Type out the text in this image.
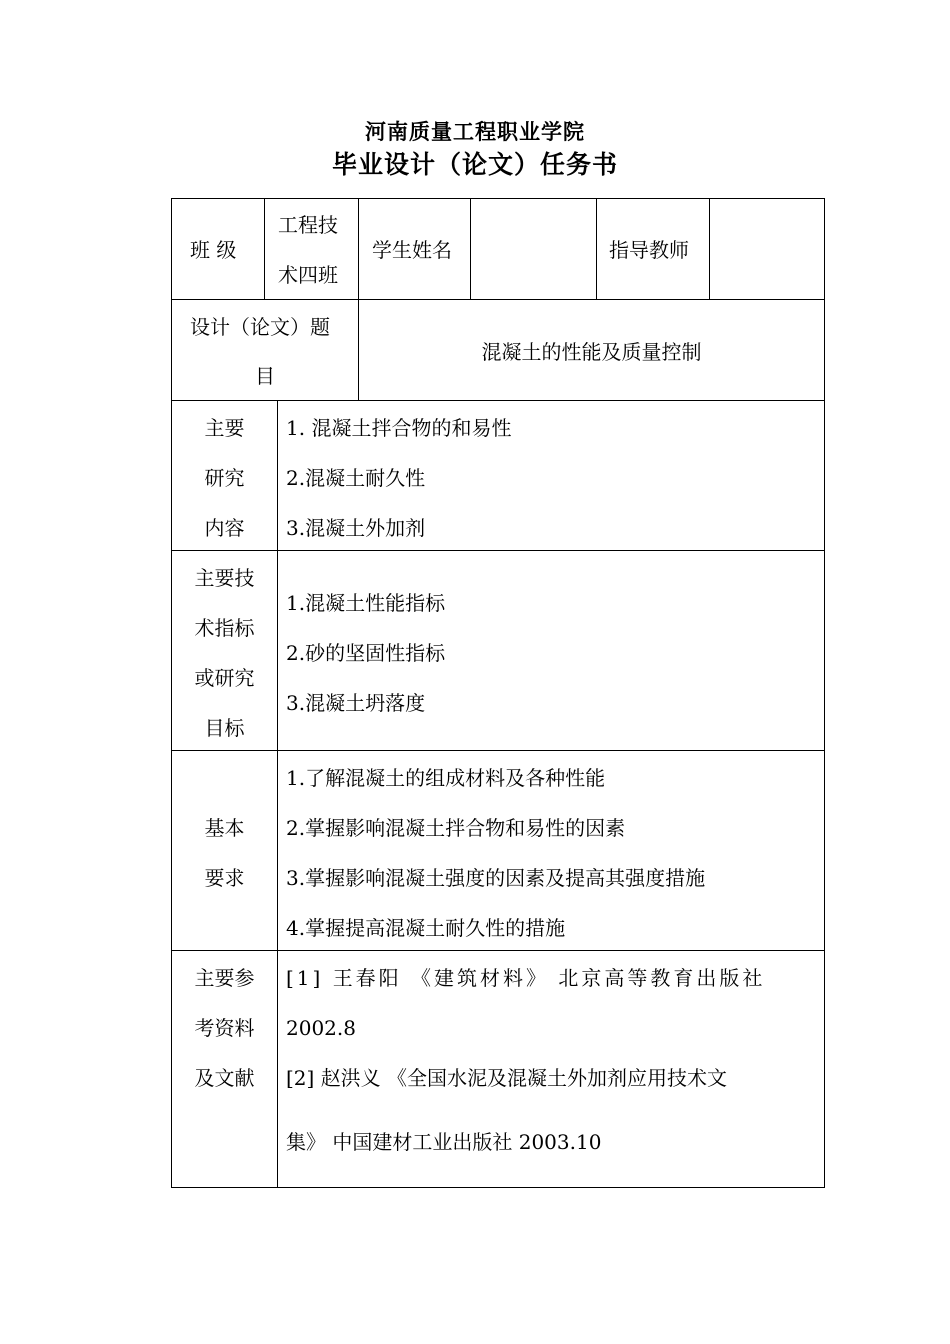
河南质量工程职业学院
毕业设计（论文）任务书
班 级
工程技
术四班
学生姓名	指导教师
设计（论文）题
目
混凝土的性能及质量控制
主要
研究
内容
1. 混凝土拌合物的和易性
2.混凝土耐久性
3.混凝土外加剂
主要技
术指标
或研究
目标
1.混凝土性能指标
2.砂的坚固性指标
3.混凝土坍落度
基本
要求
1.了解混凝土的组成材料及各种性能
2.掌握影响混凝土拌合物和易性的因素
3.掌握影响混凝土强度的因素及提高其强度措施
4.掌握提高混凝土耐久性的措施
主要参
考资料
及文献
[1] 王春阳 《建筑材料》 北京高等教育出版社
2002.8
[2] 赵洪义 《全国水泥及混凝土外加剂应用技术文
集》 中国建材工业出版社 2003.10
